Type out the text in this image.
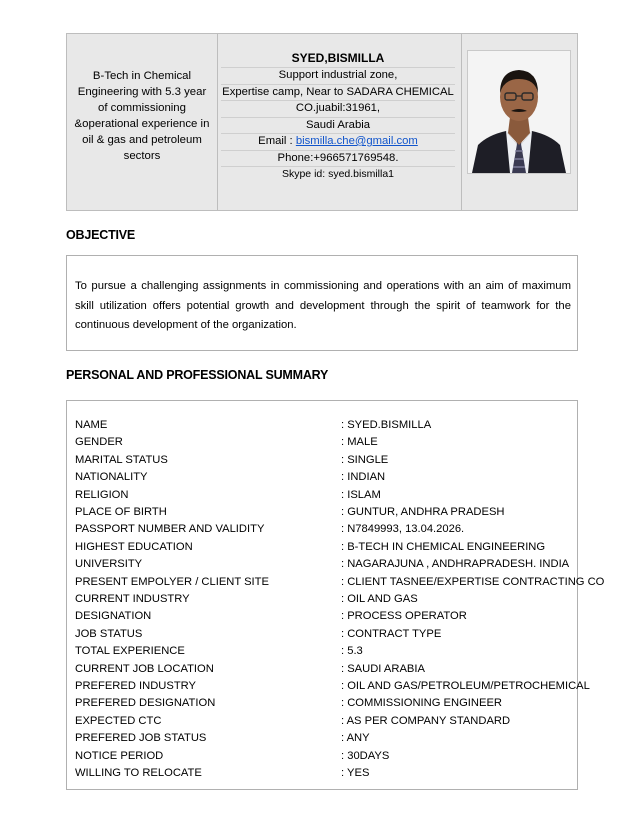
B-Tech in Chemical
Engineering with 5.3 year
of commissioning
&operational experience in
oil & gas and petroleum
sectors
SYED,BISMILLA
Support industrial zone,
Expertise camp, Near to SADARA CHEMICAL
CO.juabil:31961,
Saudi Arabia
Email : bismilla.che@gmail.com
Phone:+966571769548.
Skype id: syed.bismilla1
OBJECTIVE

To pursue a challenging assignments in commissioning and operations with an aim of maximum skill utilization offers potential growth and development through the spirit of teamwork for the continuous development of the organization.

PERSONAL AND PROFESSIONAL SUMMARY
NAME	: SYED.BISMILLA
GENDER	: MALE
MARITAL STATUS	: SINGLE
NATIONALITY	: INDIAN
RELIGION	: ISLAM
PLACE OF BIRTH	: GUNTUR, ANDHRA PRADESH
PASSPORT NUMBER AND VALIDITY	: N7849993, 13.04.2026.
HIGHEST EDUCATION	: B-TECH IN CHEMICAL ENGINEERING
UNIVERSITY	: NAGARAJUNA , ANDHRAPRADESH. INDIA
PRESENT EMPOLYER / CLIENT SITE	: CLIENT TASNEE/EXPERTISE CONTRACTING CO
CURRENT INDUSTRY	: OIL AND GAS
DESIGNATION	: PROCESS OPERATOR
JOB STATUS	: CONTRACT TYPE
TOTAL EXPERIENCE	: 5.3
CURRENT JOB LOCATION	: SAUDI ARABIA
PREFERED INDUSTRY	: OIL AND GAS/PETROLEUM/PETROCHEMICAL
PREFERED DESIGNATION	: COMMISSIONING ENGINEER
EXPECTED CTC	: AS PER COMPANY STANDARD
PREFERED JOB STATUS	: ANY
NOTICE PERIOD	: 30DAYS
WILLING TO RELOCATE	: YES
